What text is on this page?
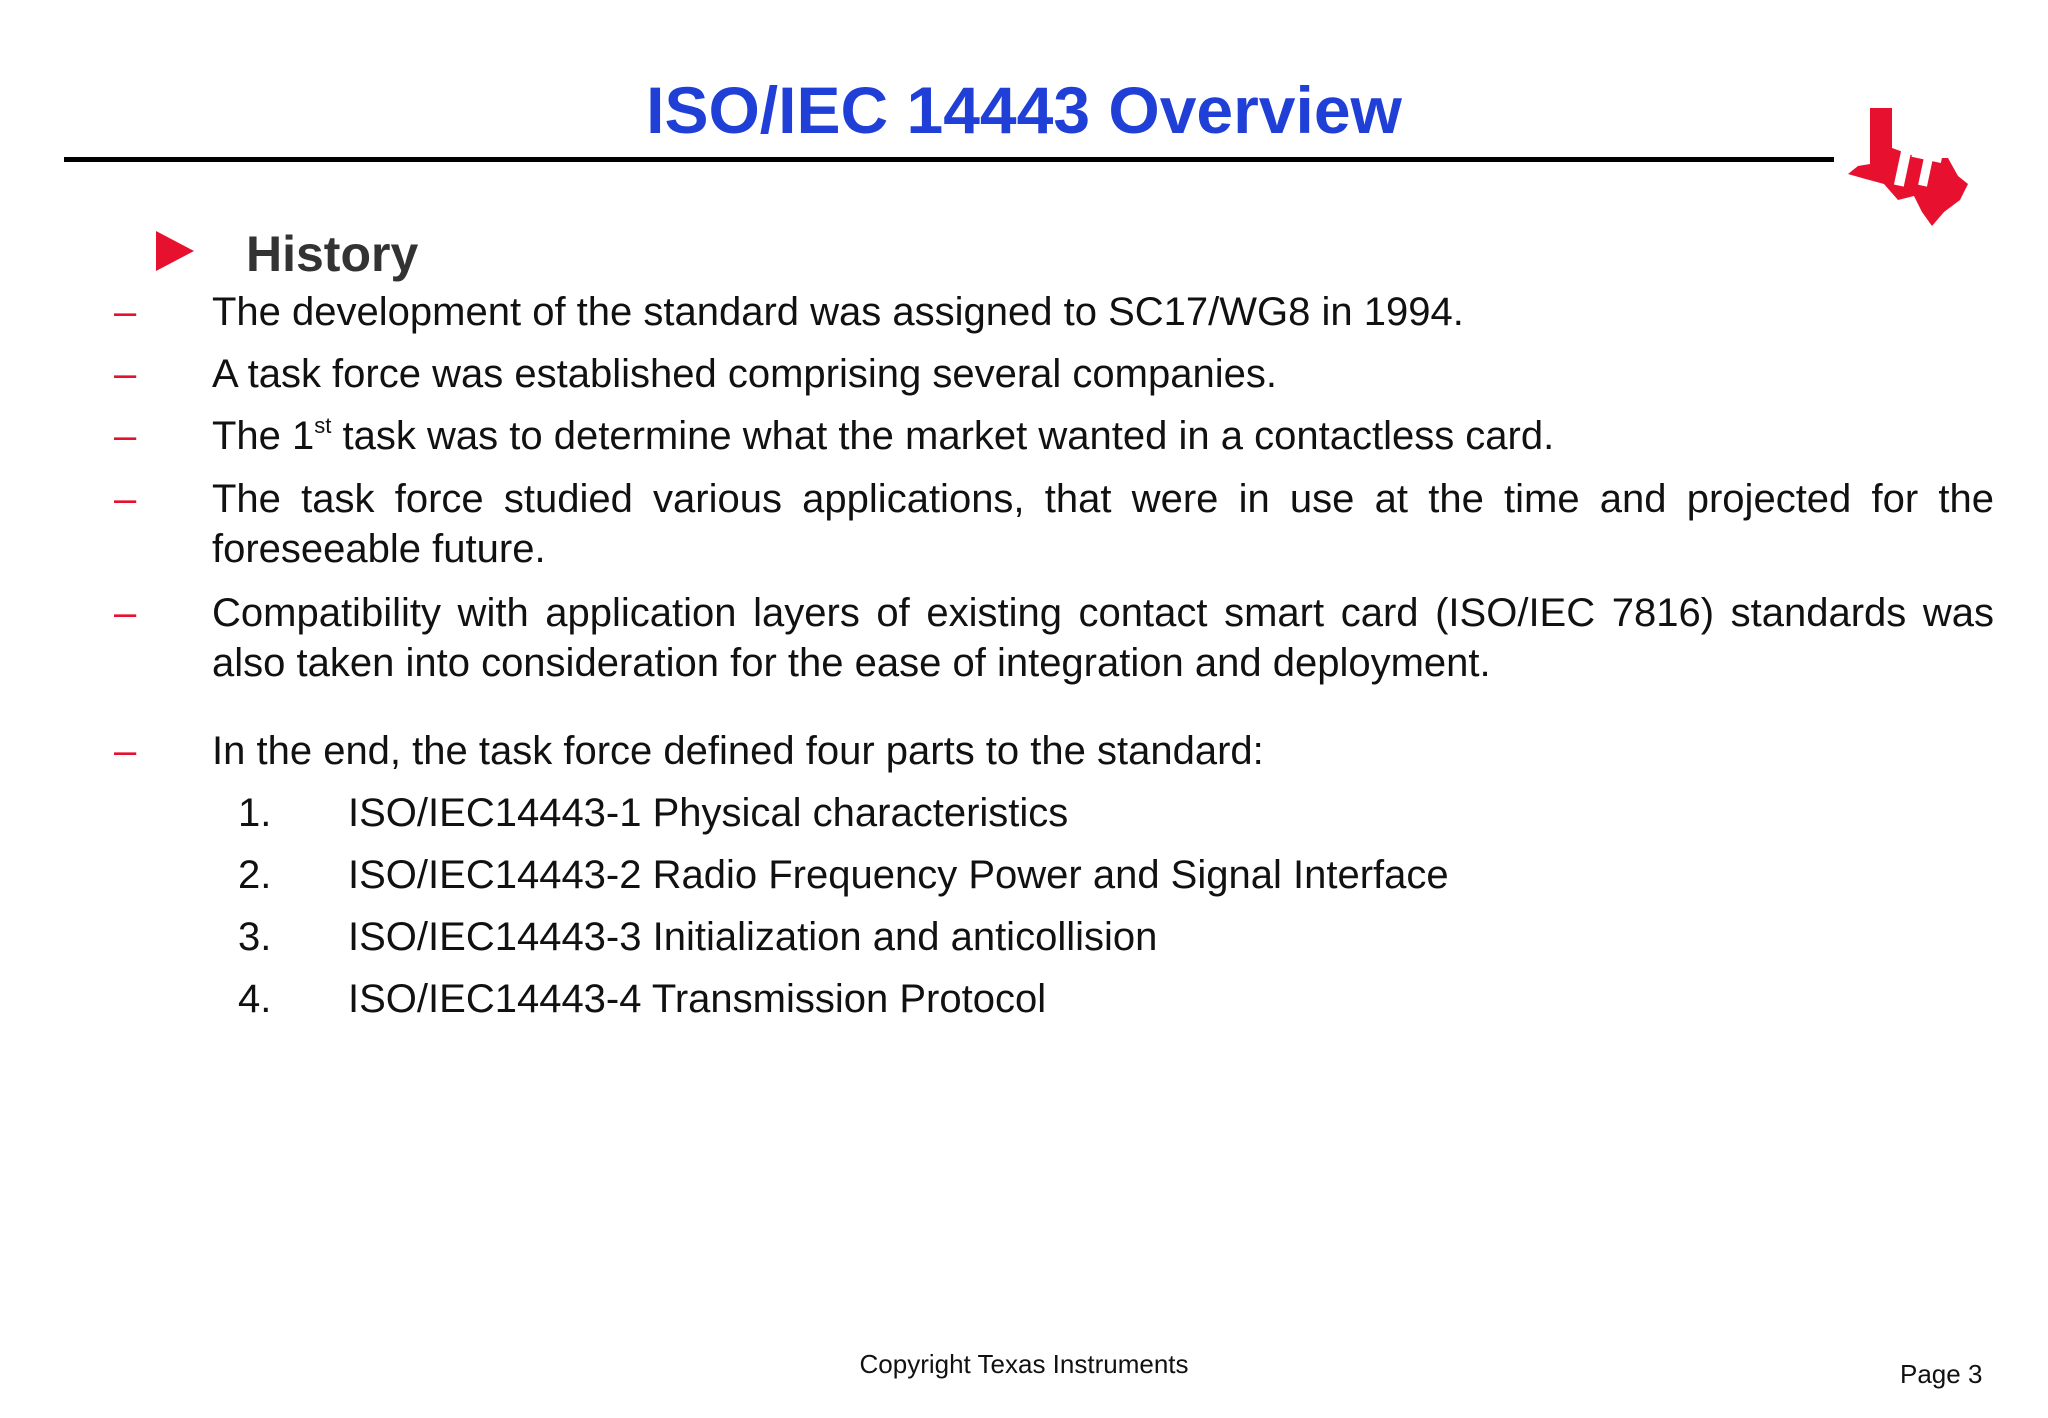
ISO/IEC 14443 Overview
History
– The development of the standard was assigned to SC17/WG8 in 1994.
– A task force was established comprising several companies.
– The 1st task was to determine what the market wanted in a contactless card.
– The task force studied various applications, that were in use at the time and projected for the foreseeable future.
– Compatibility with application layers of existing contact smart card (ISO/IEC 7816) standards was also taken into consideration for the ease of integration and deployment.
– In the end, the task force defined four parts to the standard:
1. ISO/IEC14443-1 Physical characteristics
2. ISO/IEC14443-2 Radio Frequency Power and Signal Interface
3. ISO/IEC14443-3 Initialization and anticollision
4. ISO/IEC14443-4 Transmission Protocol
Copyright Texas Instruments	Page 3
